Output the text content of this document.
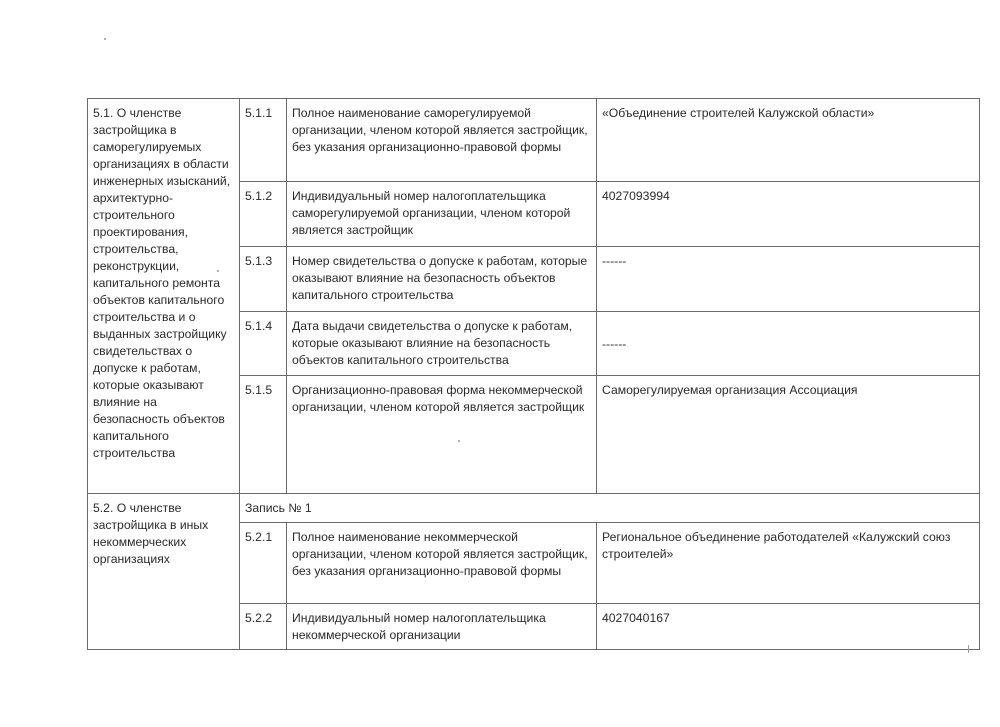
5.1. О членстве застройщика в саморегулируемых организациях в области инженерных изысканий, архитектурно-строительного проектирования, строительства, реконструкции, капитального ремонта объектов капитального строительства и о выданных застройщику свидетельствах о допуске к работам, которые оказывают влияние на безопасность объектов капитального строительства	5.1.1	Полное наименование саморегулируемой организации, членом которой является застройщик, без указания организационно-правовой формы	«Объединение строителей Калужской области»
	5.1.2	Индивидуальный номер налогоплательщика саморегулируемой организации, членом которой является застройщик	4027093994
	5.1.3	Номер свидетельства о допуске к работам, которые оказывают влияние на безопасность объектов капитального строительства	------
	5.1.4	Дата выдачи свидетельства о допуске к работам, которые оказывают влияние на безопасность объектов капитального строительства	------
	5.1.5	Организационно-правовая форма некоммерческой организации, членом которой является застройщик	Саморегулируемая организация Ассоциация
5.2. О членстве застройщика в иных некоммерческих организациях	Запись № 1		
	5.2.1	Полное наименование некоммерческой организации, членом которой является застройщик, без указания организационно-правовой формы	Региональное объединение работодателей «Калужский союз строителей»
	5.2.2	Индивидуальный номер налогоплательщика некоммерческой организации	4027040167
